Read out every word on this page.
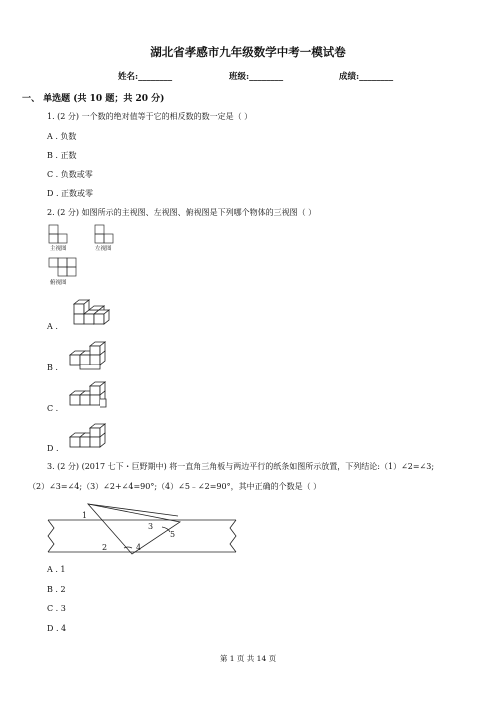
湖北省孝感市九年级数学中考一模试卷
姓名:________	班级:________	成绩:________
一、 单选题 (共 10 题；共 20 分)
1. (2 分) 一个数的绝对值等于它的相反数的数一定是（ ）
A . 负数
B . 正数
C . 负数或零
D . 正数或零
2. (2 分) 如图所示的主视图、左视图、俯视图是下列哪个物体的三视图（ ）
主视图	左视图
俯视图
A .
B .
C .
D .
3. (2 分) (2017 七下・巨野期中) 将一直角三角板与两边平行的纸条如图所示放置，下列结论:（1）∠2=∠3;
（2）∠3=∠4;（3）∠2+∠4=90°;（4）∠5﹣∠2=90°，其中正确的个数是（ ）
1
2
3
4
5
A . 1
B . 2
C . 3
D . 4
第 1 页 共 14 页
